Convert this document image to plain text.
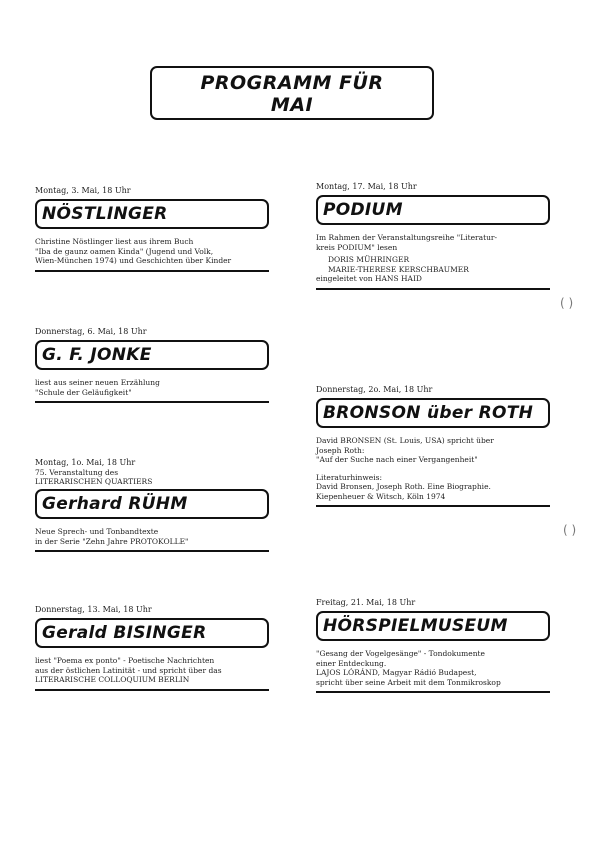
PROGRAMM FÜR
MAI
Montag, 3. Mai, 18 Uhr
NÖSTLINGER
Christine Nöstlinger liest aus ihrem Buch
"Iba de gaunz oamen Kinda" (Jugend und Volk,
Wien-München 1974) und Geschichten über Kinder
Montag, 17. Mai, 18 Uhr
PODIUM
Im Rahmen der Veranstaltungsreihe "Literatur-
kreis PODIUM" lesen
DORIS MÜHRINGER
MARIE-THERESE KERSCHBAUMER
eingeleitet von HANS HAID
( )
Donnerstag, 6. Mai, 18 Uhr
G. F. JONKE
liest aus seiner neuen Erzählung
"Schule der Geläufigkeit"	Donnerstag, 2o. Mai, 18 Uhr
BRONSON über ROTH
David BRONSEN (St. Louis, USA) spricht über
Joseph Roth:
"Auf der Suche nach einer Vergangenheit"
Literaturhinweis:
David Bronsen, Joseph Roth. Eine Biographie.
Kiepenheuer & Witsch, Köln 1974
( )
Montag, 1o. Mai, 18 Uhr
75. Veranstaltung des
LITERARISCHEN QUARTIERS
Gerhard RÜHM
Neue Sprech- und Tonbandtexte
in der Serie "Zehn Jahre PROTOKOLLE"
Donnerstag, 13. Mai, 18 Uhr
Gerald BISINGER
liest "Poema ex ponto" - Poetische Nachrichten
aus der östlichen Latinität - und spricht über das
LITERARISCHE COLLOQUIUM BERLIN
Freitag, 21. Mai, 18 Uhr
HÖRSPIELMUSEUM
"Gesang der Vogelgesänge" - Tondokumente
einer Entdeckung.
LAJOS LÓRÁND, Magyar Rádió Budapest,
spricht über seine Arbeit mit dem Tonmikroskop
